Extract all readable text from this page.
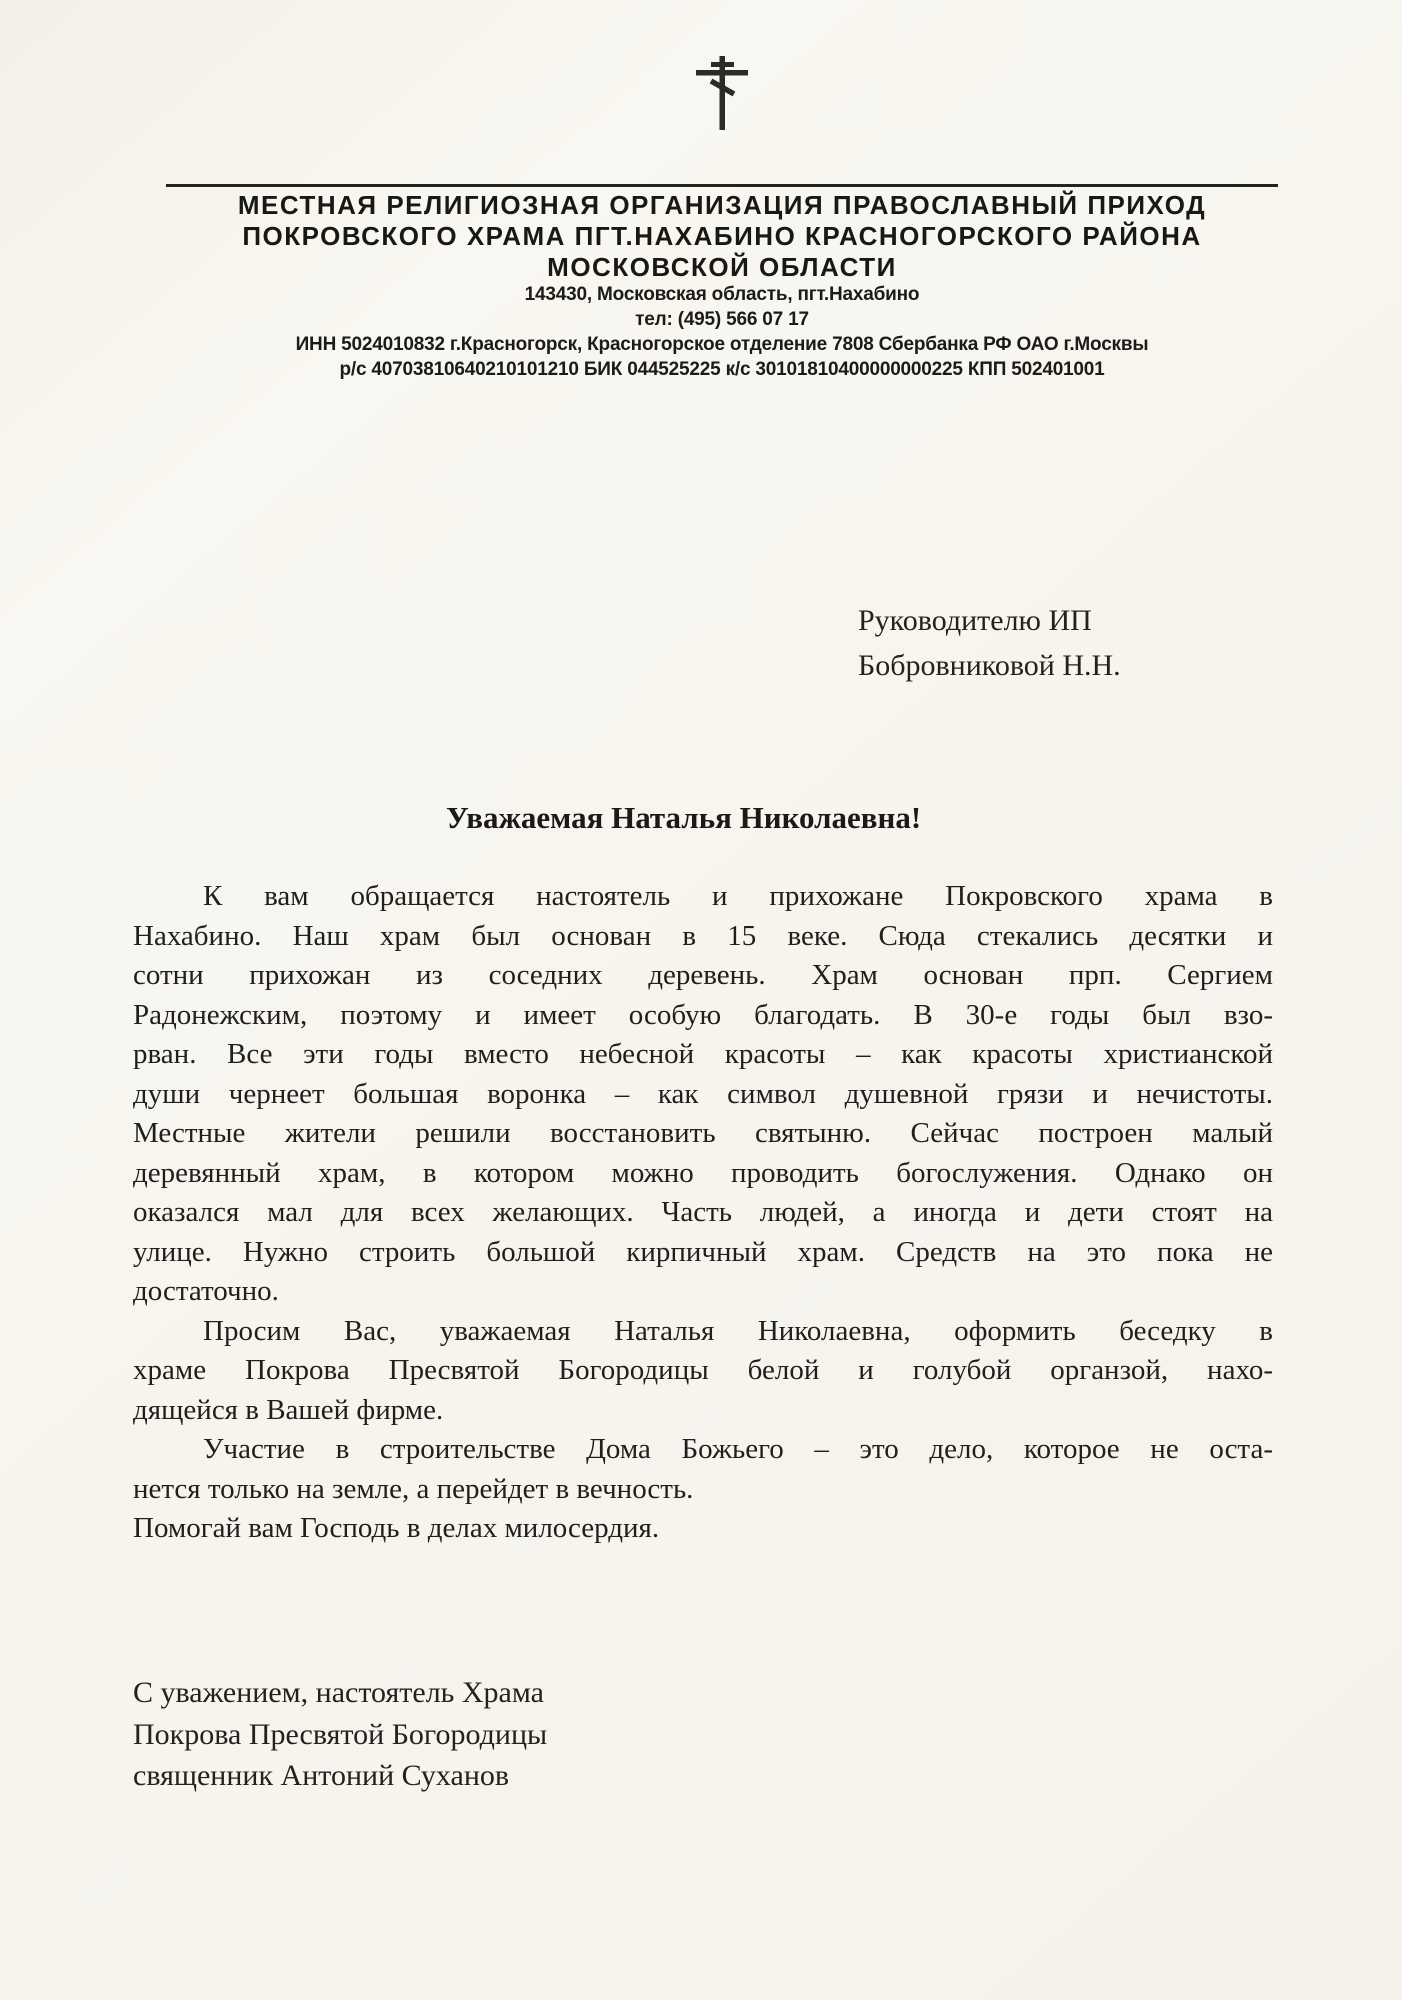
МЕСТНАЯ РЕЛИГИОЗНАЯ ОРГАНИЗАЦИЯ ПРАВОСЛАВНЫЙ ПРИХОД
ПОКРОВСКОГО ХРАМА ПГТ.НАХАБИНО КРАСНОГОРСКОГО РАЙОНА
МОСКОВСКОЙ ОБЛАСТИ
143430, Московская область, пгт.Нахабино
тел: (495) 566 07 17
ИНН 5024010832 г.Красногорск, Красногорское отделение 7808 Сбербанка РФ ОАО г.Москвы
р/с 40703810640210101210 БИК 044525225 к/с 30101810400000000225 КПП 502401001
Руководителю ИП
Бобровниковой Н.Н.
Уважаемая Наталья Николаевна!
К вам обращается настоятель и прихожане Покровского храма в
Нахабино. Наш храм был основан в 15 веке. Сюда стекались десятки и
сотни прихожан из соседних деревень. Храм основан прп. Сергием
Радонежским, поэтому и имеет особую благодать. В 30-е годы был взо-
рван. Все эти годы вместо небесной красоты – как красоты христианской
души чернеет большая воронка – как символ душевной грязи и нечистоты.
Местные жители решили восстановить святыню. Сейчас построен малый
деревянный храм, в котором можно проводить богослужения. Однако он
оказался мал для всех желающих. Часть людей, а иногда и дети стоят на
улице. Нужно строить большой кирпичный храм. Средств на это пока не
достаточно.
Просим Вас, уважаемая Наталья Николаевна, оформить беседку в
храме Покрова Пресвятой Богородицы белой и голубой органзой, нахо-
дящейся в Вашей фирме.
Участие в строительстве Дома Божьего – это дело, которое не оста-
нется только на земле, а перейдет в вечность.
Помогай вам Господь в делах милосердия.
С уважением, настоятель Храма
Покрова Пресвятой Богородицы
священник Антоний Суханов
